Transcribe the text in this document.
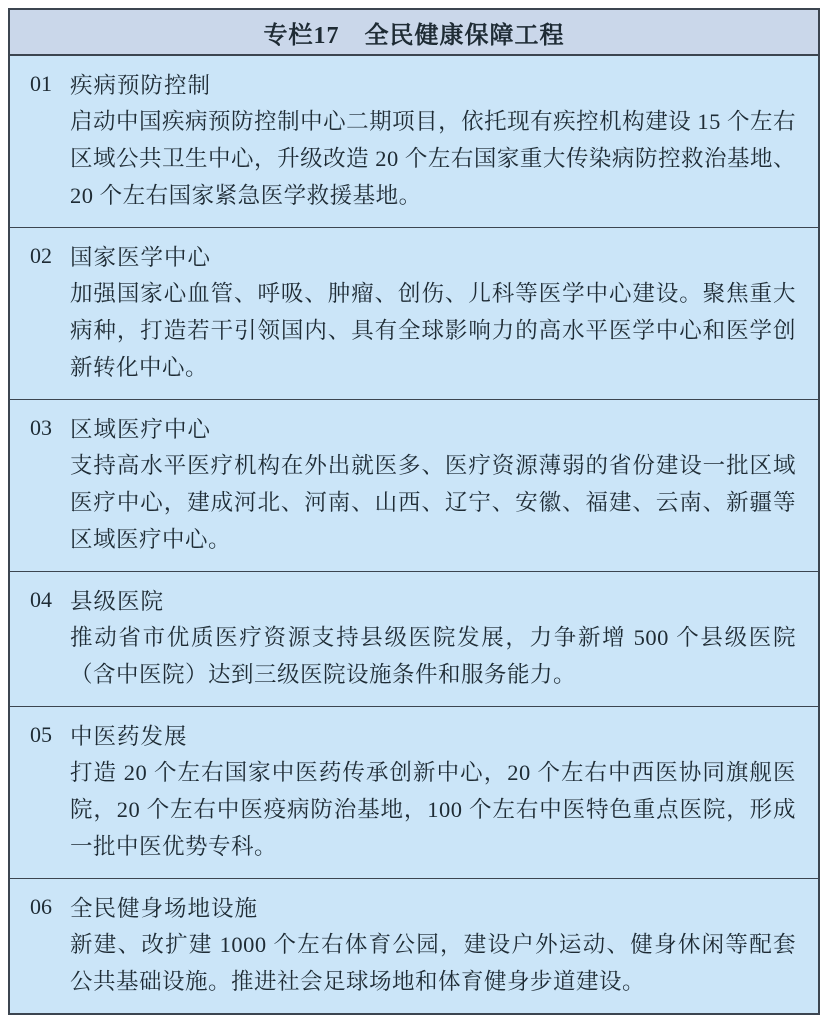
专栏17　全民健康保障工程
01 疾病预防控制
启动中国疾病预防控制中心二期项目，依托现有疾控机构建设 15 个左右区域公共卫生中心，升级改造 20 个左右国家重大传染病防控救治基地、20 个左右国家紧急医学救援基地。
02 国家医学中心
加强国家心血管、呼吸、肿瘤、创伤、儿科等医学中心建设。聚焦重大病种，打造若干引领国内、具有全球影响力的高水平医学中心和医学创新转化中心。
03 区域医疗中心
支持高水平医疗机构在外出就医多、医疗资源薄弱的省份建设一批区域医疗中心，建成河北、河南、山西、辽宁、安徽、福建、云南、新疆等区域医疗中心。
04 县级医院
推动省市优质医疗资源支持县级医院发展，力争新增 500 个县级医院（含中医院）达到三级医院设施条件和服务能力。
05 中医药发展
打造 20 个左右国家中医药传承创新中心，20 个左右中西医协同旗舰医院，20 个左右中医疫病防治基地，100 个左右中医特色重点医院，形成一批中医优势专科。
06 全民健身场地设施
新建、改扩建 1000 个左右体育公园，建设户外运动、健身休闲等配套公共基础设施。推进社会足球场地和体育健身步道建设。
